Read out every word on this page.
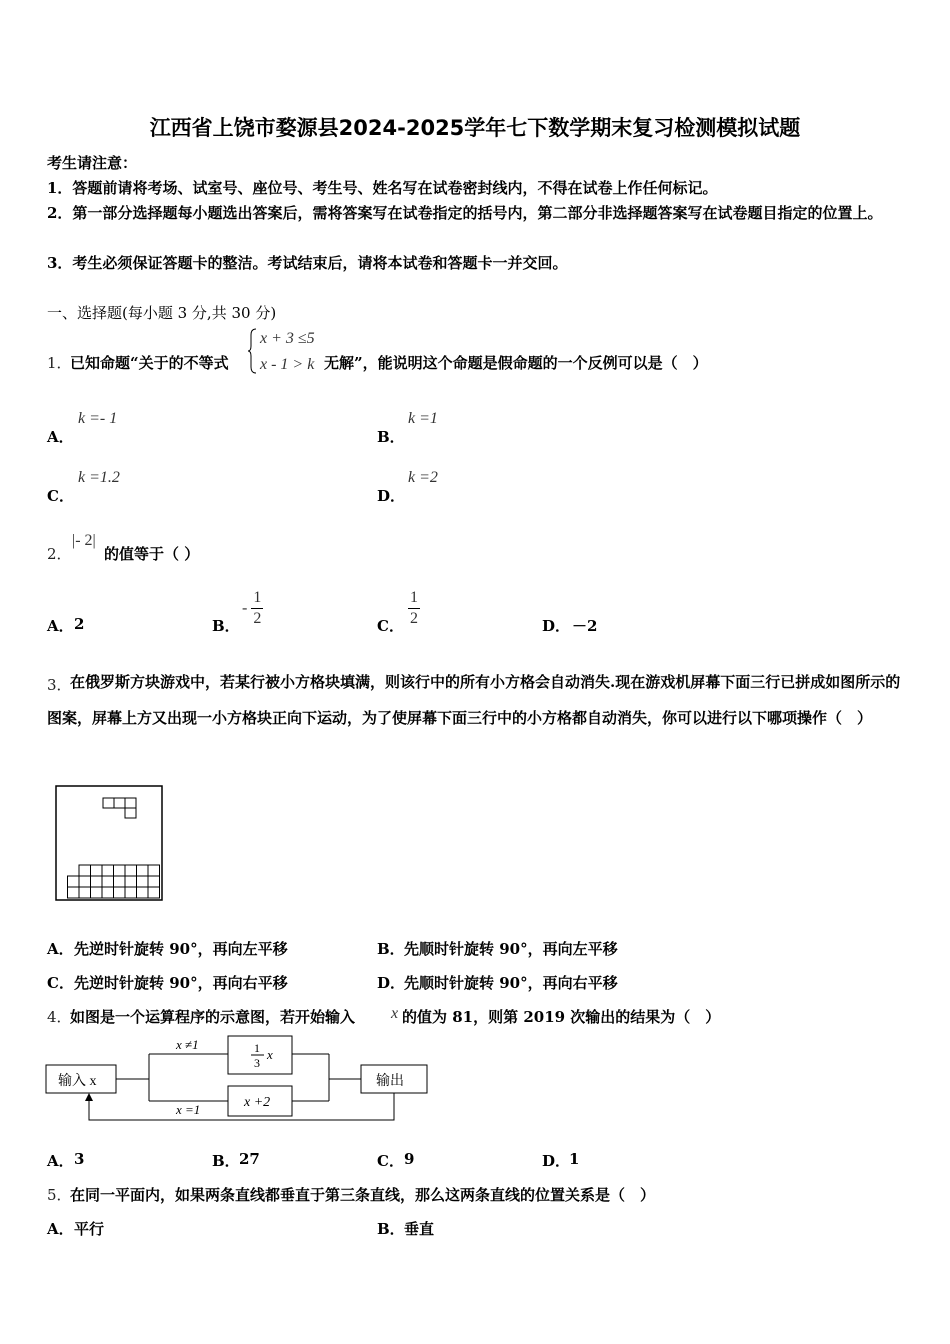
江西省上饶市婺源县2024-2025学年七下数学期末复习检测模拟试题
考生请注意：
1．答题前请将考场、试室号、座位号、考生号、姓名写在试卷密封线内，不得在试卷上作任何标记。
2．第一部分选择题每小题选出答案后，需将答案写在试卷指定的括号内，第二部分非选择题答案写在试卷题目指定的位置上。
3．考生必须保证答题卡的整洁。考试结束后，请将本试卷和答题卡一并交回。
一、选择题(每小题 3 分,共 30 分)
1．
已知命题“关于的不等式
x + 3 ≤5
x - 1 > k 无解”，能说明这个命题是假命题的一个反例可以是（　）
A．
k =- 1
B．
k =1
C．
k =1.2
D．
k =2
2．
|- 2|
的值等于（ ）
A． 2	B．
- $\frac{1}{2}$	C． $\frac{1}{2}$	D． －2
3．
在俄罗斯方块游戏中，若某行被小方格块填满，则该行中的所有小方格会自动消失.现在游戏机屏幕下面三行已拼成如图所示的图案，屏幕上方又出现一小方格块正向下运动，为了使屏幕下面三行中的小方格都自动消失，你可以进行以下哪项操作（　）
A． 先逆时针旋转 90°，再向左平移	B． 先顺时针旋转 90°，再向左平移
C． 先逆时针旋转 90°，再向右平移	D．
先顺时针旋转 90°，再向右平移
4．
如图是一个运算程序的示意图，若开始输入 x 的值为 81，则第 2019 次输出的结果为（　）
输入 x	输出
x ≠1
x =1
1
3
x
x +2
A． 3	B． 27	C． 9	D．
1
5．
在同一平面内，如果两条直线都垂直于第三条直线，那么这两条直线的位置关系是（　）
A． 平行	B． 垂直
